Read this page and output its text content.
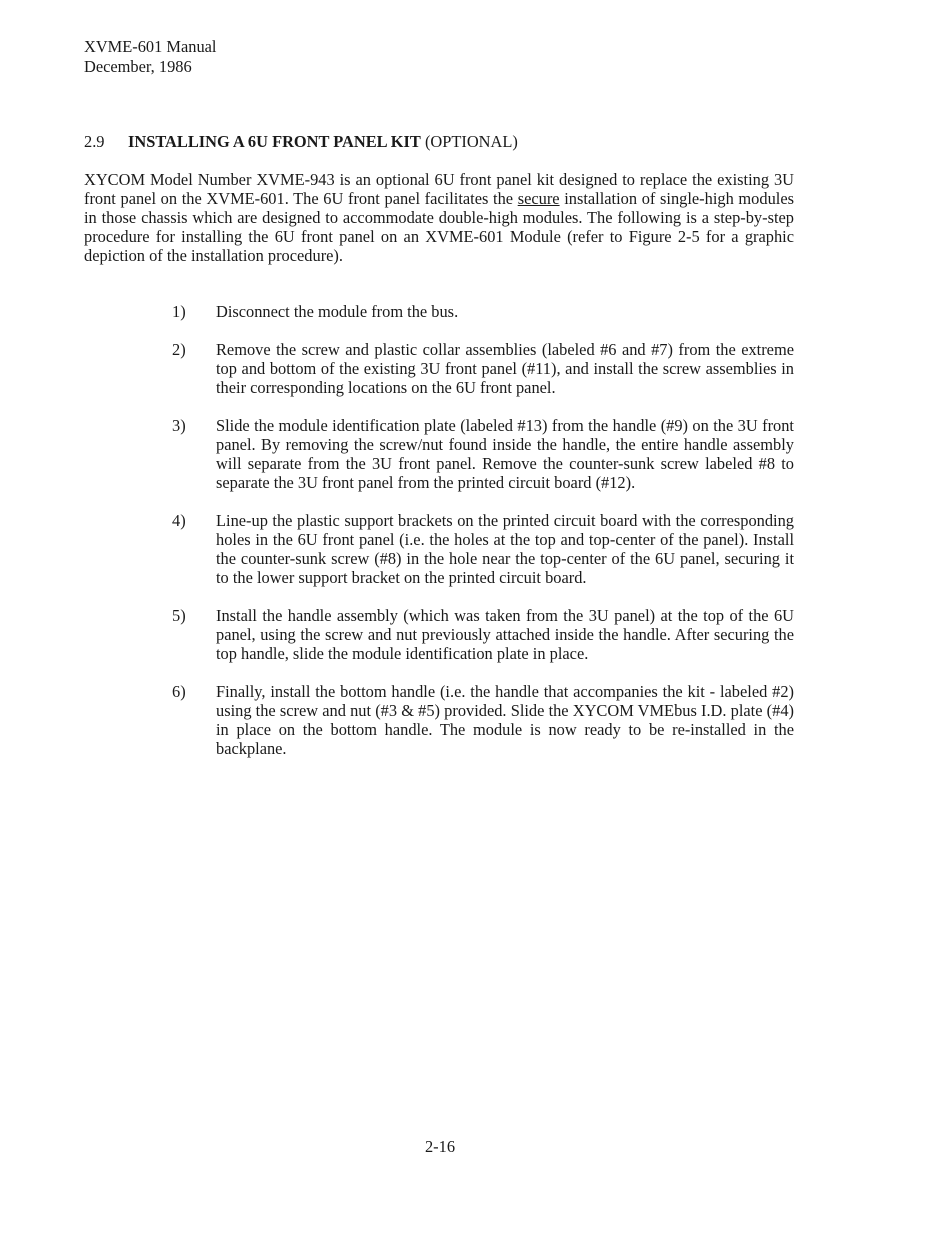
XVME-601 Manual
December, 1986
2.9 INSTALLING A 6U FRONT PANEL KIT (OPTIONAL)

XYCOM Model Number XVME-943 is an optional 6U front panel kit designed to replace the existing 3U front panel on the XVME-601. The 6U front panel facilitates the secure installation of single-high modules in those chassis which are designed to accommodate double-high modules. The following is a step-by-step procedure for installing the 6U front panel on an XVME-601 Module (refer to Figure 2-5 for a graphic depiction of the installation procedure).

1)	Disconnect the module from the bus.

2)	Remove the screw and plastic collar assemblies (labeled #6 and #7) from the extreme top and bottom of the existing 3U front panel (#11), and install the screw assemblies in their corresponding locations on the 6U front panel.

3)	Slide the module identification plate (labeled #13) from the handle (#9) on the 3U front panel. By removing the screw/nut found inside the handle, the entire handle assembly will separate from the 3U front panel. Remove the counter-sunk screw labeled #8 to separate the 3U front panel from the printed circuit board (#12).

4)	Line-up the plastic support brackets on the printed circuit board with the corresponding holes in the 6U front panel (i.e. the holes at the top and top-center of the panel). Install the counter-sunk screw (#8) in the hole near the top-center of the 6U panel, securing it to the lower support bracket on the printed circuit board.

5)	Install the handle assembly (which was taken from the 3U panel) at the top of the 6U panel, using the screw and nut previously attached inside the handle. After securing the top handle, slide the module identification plate in place.

6)	Finally, install the bottom handle (i.e. the handle that accompanies the kit - labeled #2) using the screw and nut (#3 & #5) provided. Slide the XYCOM VMEbus I.D. plate (#4) in place on the bottom handle. The module is now ready to be re-installed in the backplane.

2-16
